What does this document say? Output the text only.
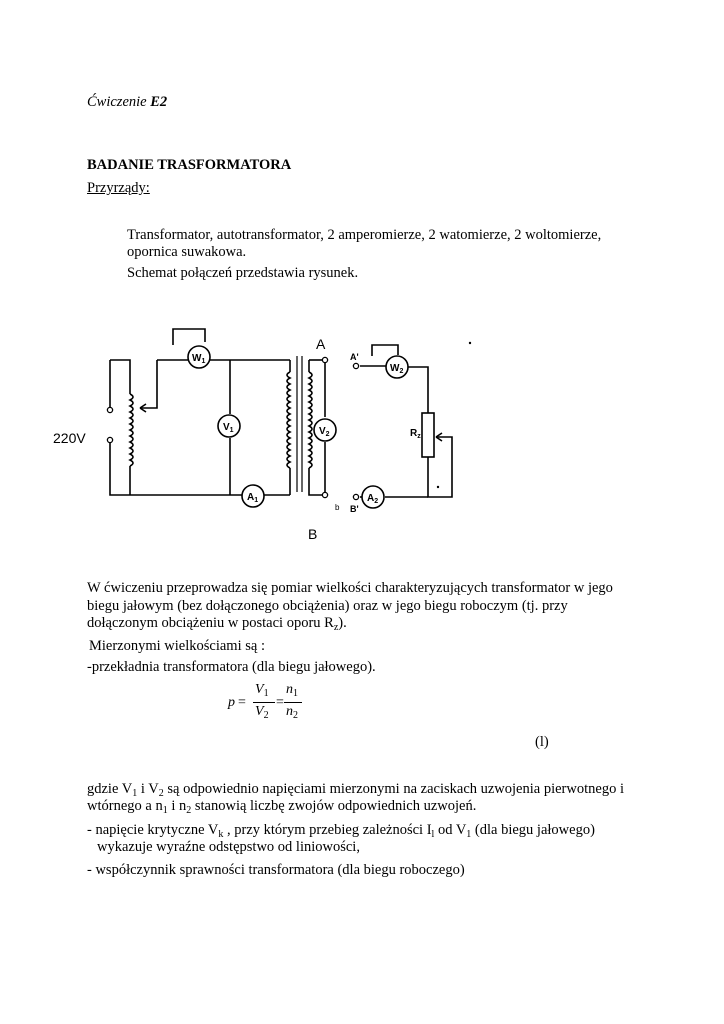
Ćwiczenie E2
BADANIE TRASFORMATORA
Przyrządy:
Transformator, autotransformator, 2 amperomierze, 2 watomierze, 2 woltomierze,
opornica suwakowa.
Schemat połączeń przedstawia rysunek.
$W_1$
$V_1$
$A_1$
$V_2$
$W_2$
$A_2$
$R_z$
A'
B'
b
A
B
220V
W ćwiczeniu przeprowadza się pomiar wielkości charakteryzujących transformator w jego
biegu jałowym (bez dołączonego obciążenia) oraz w jego biegu roboczym (tj. przy
dołączonym obciążeniu w postaci oporu $R_z$).
Mierzonymi wielkościami są :
-przekładnia transformatora (dla biegu jałowego).
p =
$V_1$
$V_2$
=
$n_1$
$n_2$
(l)
gdzie $V_1$ i $V_2$ są odpowiednio napięciami mierzonymi na zaciskach uzwojenia pierwotnego i
wtórnego a $n_1$ i $n_2$ stanowią liczbę zwojów odpowiednich uzwojeń.
- napięcie krytyczne $V_k$ , przy którym przebieg zależności $I_l$ od $V_1$ (dla biegu jałowego)
wykazuje wyraźne odstępstwo od liniowości,
- współczynnik sprawności transformatora (dla biegu roboczego)
